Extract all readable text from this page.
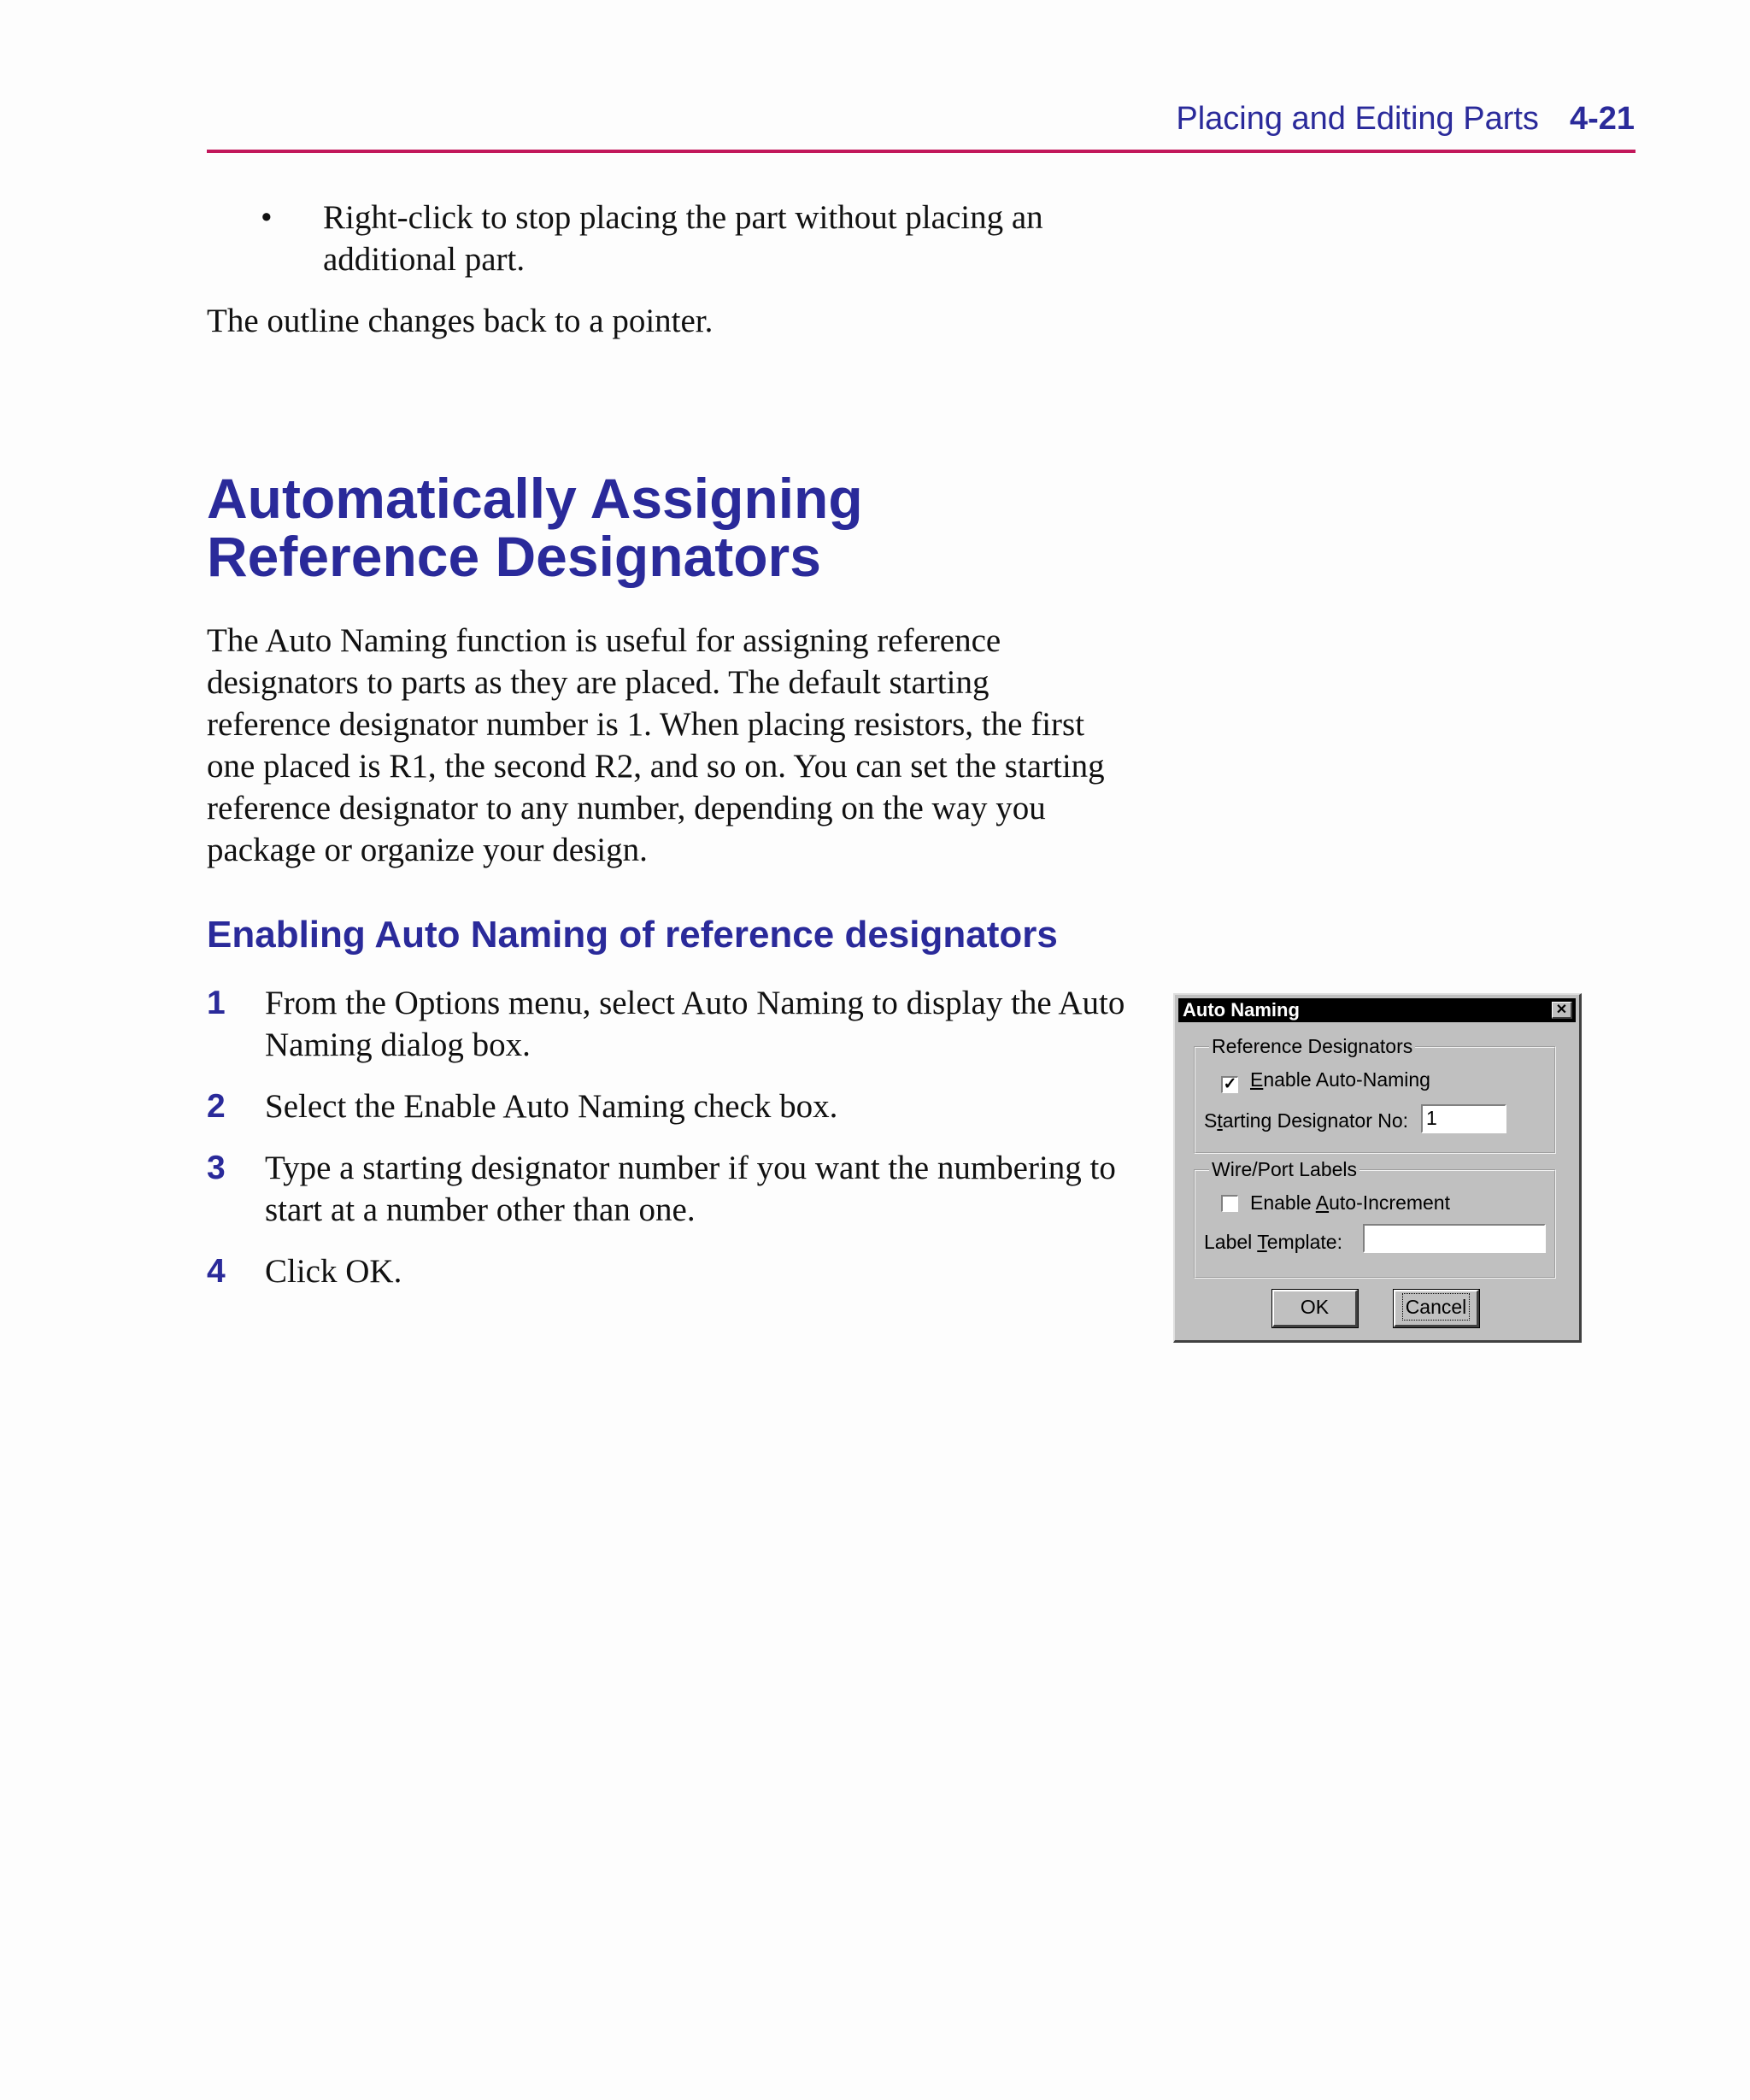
Placing and Editing Parts 4-21
• Right-click to stop placing the part without placing an additional part.
The outline changes back to a pointer.
Automatically Assigning Reference Designators
The Auto Naming function is useful for assigning reference designators to parts as they are placed. The default starting reference designator number is 1. When placing resistors, the first one placed is R1, the second R2, and so on. You can set the starting reference designator to any number, depending on the way you package or organize your design.
Enabling Auto Naming of reference designators
1 From the Options menu, select Auto Naming to display the Auto Naming dialog box.
2 Select the Enable Auto Naming check box.
3 Type a starting designator number if you want the numbering to start at a number other than one.
4 Click OK.
Auto Naming	✕
Reference Designators
✓ Enable Auto-Naming
Starting Designator No: 1
Wire/Port Labels
Enable Auto-Increment
Label Template:
OK	Cancel
